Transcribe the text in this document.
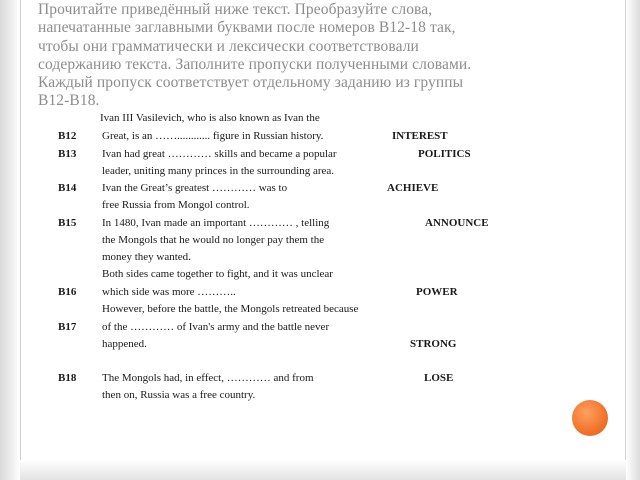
Прочитайте приведённый ниже текст. Преобразуйте слова,
напечатанные заглавными буквами после номеров B12-18 так,
чтобы они грамматически и лексически соответствовали
содержанию текста. Заполните пропуски полученными словами.
Каждый пропуск соответствует отдельному заданию из группы
B12-B18.
Ivan III Vasilevich, who is also known as Ivan the
B12 Great, is an ……............ figure in Russian history.	INTEREST
B13 Ivan had great ………… skills and became a popular
leader, uniting many princes in the surrounding area.
POLITICS
B14 Ivan the Great’s greatest ………… was to
free Russia from Mongol control.
ACHIEVE
B15 In 1480, Ivan made an important ………… , telling
the Mongols that he would no longer pay them the
money they wanted.
Both sides came together to fight, and it was unclear
ANNOUNCE
B16 which side was more ………..
However, before the battle, the Mongols retreated because
POWER
B17 of the ………… of Ivan's army and the battle never
happened.	STRONG
B18 The Mongols had, in effect, ………… and from
then on, Russia was a free country.
LOSE
